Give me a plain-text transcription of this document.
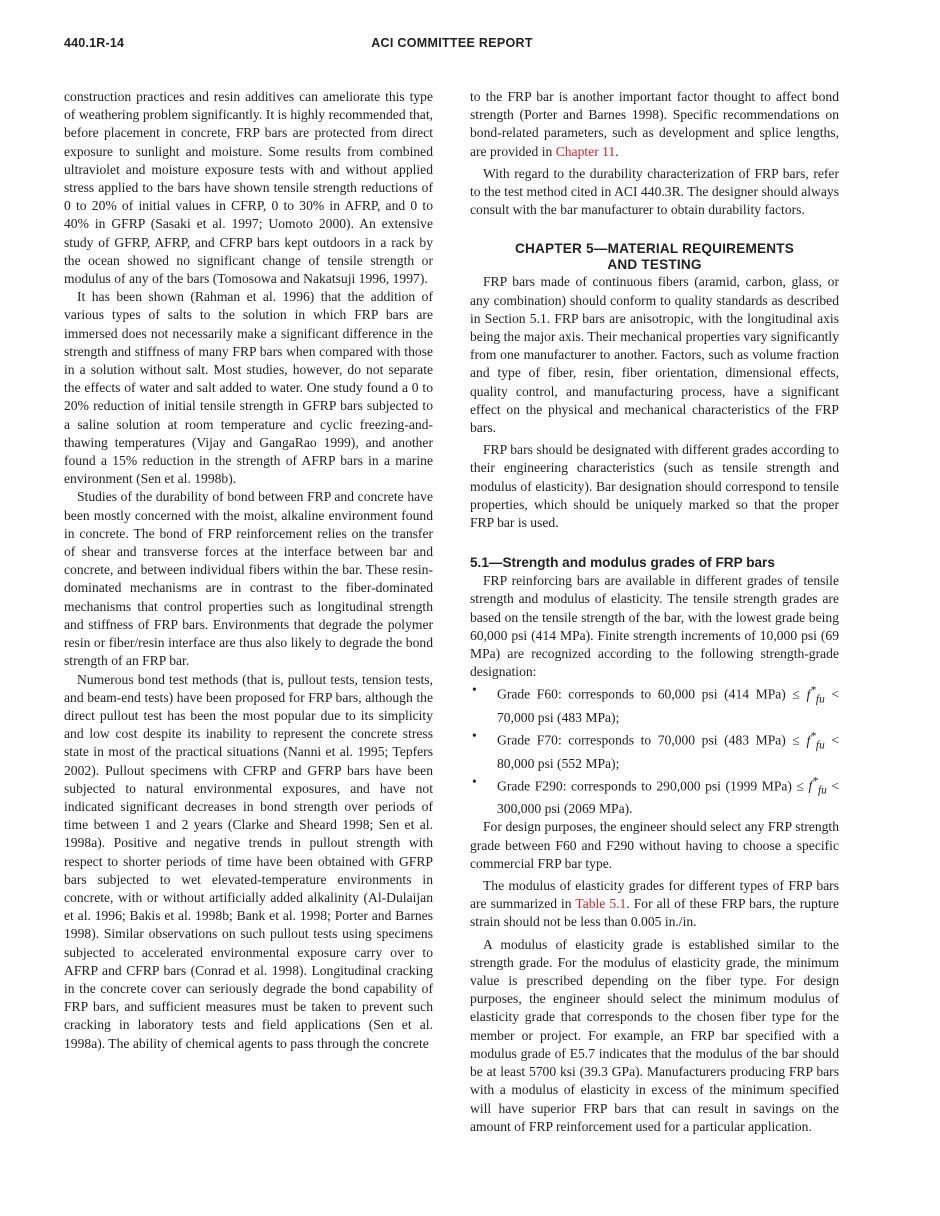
440.1R-14	ACI COMMITTEE REPORT

construction practices and resin additives can ameliorate this type of weathering problem significantly. It is highly recommended that, before placement in concrete, FRP bars are protected from direct exposure to sunlight and moisture. Some results from combined ultraviolet and moisture exposure tests with and without applied stress applied to the bars have shown tensile strength reductions of 0 to 20% of initial values in CFRP, 0 to 30% in AFRP, and 0 to 40% in GFRP (Sasaki et al. 1997; Uomoto 2000). An extensive study of GFRP, AFRP, and CFRP bars kept outdoors in a rack by the ocean showed no significant change of tensile strength or modulus of any of the bars (Tomosowa and Nakatsuji 1996, 1997).

It has been shown (Rahman et al. 1996) that the addition of various types of salts to the solution in which FRP bars are immersed does not necessarily make a significant difference in the strength and stiffness of many FRP bars when compared with those in a solution without salt. Most studies, however, do not separate the effects of water and salt added to water. One study found a 0 to 20% reduction of initial tensile strength in GFRP bars subjected to a saline solution at room temperature and cyclic freezing-and-thawing temperatures (Vijay and GangaRao 1999), and another found a 15% reduction in the strength of AFRP bars in a marine environment (Sen et al. 1998b).

Studies of the durability of bond between FRP and concrete have been mostly concerned with the moist, alkaline environment found in concrete. The bond of FRP reinforcement relies on the transfer of shear and transverse forces at the interface between bar and concrete, and between individual fibers within the bar. These resin-dominated mechanisms are in contrast to the fiber-dominated mechanisms that control properties such as longitudinal strength and stiffness of FRP bars. Environments that degrade the polymer resin or fiber/resin interface are thus also likely to degrade the bond strength of an FRP bar.

Numerous bond test methods (that is, pullout tests, tension tests, and beam-end tests) have been proposed for FRP bars, although the direct pullout test has been the most popular due to its simplicity and low cost despite its inability to represent the concrete stress state in most of the practical situations (Nanni et al. 1995; Tepfers 2002). Pullout specimens with CFRP and GFRP bars have been subjected to natural environmental exposures, and have not indicated significant decreases in bond strength over periods of time between 1 and 2 years (Clarke and Sheard 1998; Sen et al. 1998a). Positive and negative trends in pullout strength with respect to shorter periods of time have been obtained with GFRP bars subjected to wet elevated-temperature environments in concrete, with or without artificially added alkalinity (Al-Dulaijan et al. 1996; Bakis et al. 1998b; Bank et al. 1998; Porter and Barnes 1998). Similar observations on such pullout tests using specimens subjected to accelerated environmental exposure carry over to AFRP and CFRP bars (Conrad et al. 1998). Longitudinal cracking in the concrete cover can seriously degrade the bond capability of FRP bars, and sufficient measures must be taken to prevent such cracking in laboratory tests and field applications (Sen et al. 1998a). The ability of chemical agents to pass through the concrete

to the FRP bar is another important factor thought to affect bond strength (Porter and Barnes 1998). Specific recommendations on bond-related parameters, such as development and splice lengths, are provided in Chapter 11.

With regard to the durability characterization of FRP bars, refer to the test method cited in ACI 440.3R. The designer should always consult with the bar manufacturer to obtain durability factors.

CHAPTER 5—MATERIAL REQUIREMENTS
AND TESTING

FRP bars made of continuous fibers (aramid, carbon, glass, or any combination) should conform to quality standards as described in Section 5.1. FRP bars are anisotropic, with the longitudinal axis being the major axis. Their mechanical properties vary significantly from one manufacturer to another. Factors, such as volume fraction and type of fiber, resin, fiber orientation, dimensional effects, quality control, and manufacturing process, have a significant effect on the physical and mechanical characteristics of the FRP bars.

FRP bars should be designated with different grades according to their engineering characteristics (such as tensile strength and modulus of elasticity). Bar designation should correspond to tensile properties, which should be uniquely marked so that the proper FRP bar is used.

5.1—Strength and modulus grades of FRP bars

FRP reinforcing bars are available in different grades of tensile strength and modulus of elasticity. The tensile strength grades are based on the tensile strength of the bar, with the lowest grade being 60,000 psi (414 MPa). Finite strength increments of 10,000 psi (69 MPa) are recognized according to the following strength-grade designation:

• Grade F60: corresponds to 60,000 psi (414 $MPa) \le f^*_{fu} < 70,000$ psi (483 MPa);
• Grade F70: corresponds to 70,000 psi (483 $MPa) \le f^*_{fu} < 80,000$ psi (552 MPa);
• Grade F290: corresponds to 290,000 psi (1999 $MPa) \le f^*_{fu} < 300,000$ psi (2069 MPa).

For design purposes, the engineer should select any FRP strength grade between F60 and F290 without having to choose a specific commercial FRP bar type.

The modulus of elasticity grades for different types of FRP bars are summarized in Table 5.1. For all of these FRP bars, the rupture strain should not be less than 0.005 in./in.

A modulus of elasticity grade is established similar to the strength grade. For the modulus of elasticity grade, the minimum value is prescribed depending on the fiber type. For design purposes, the engineer should select the minimum modulus of elasticity grade that corresponds to the chosen fiber type for the member or project. For example, an FRP bar specified with a modulus grade of E5.7 indicates that the modulus of the bar should be at least 5700 ksi (39.3 GPa). Manufacturers producing FRP bars with a modulus of elasticity in excess of the minimum specified will have superior FRP bars that can result in savings on the amount of FRP reinforcement used for a particular application.
